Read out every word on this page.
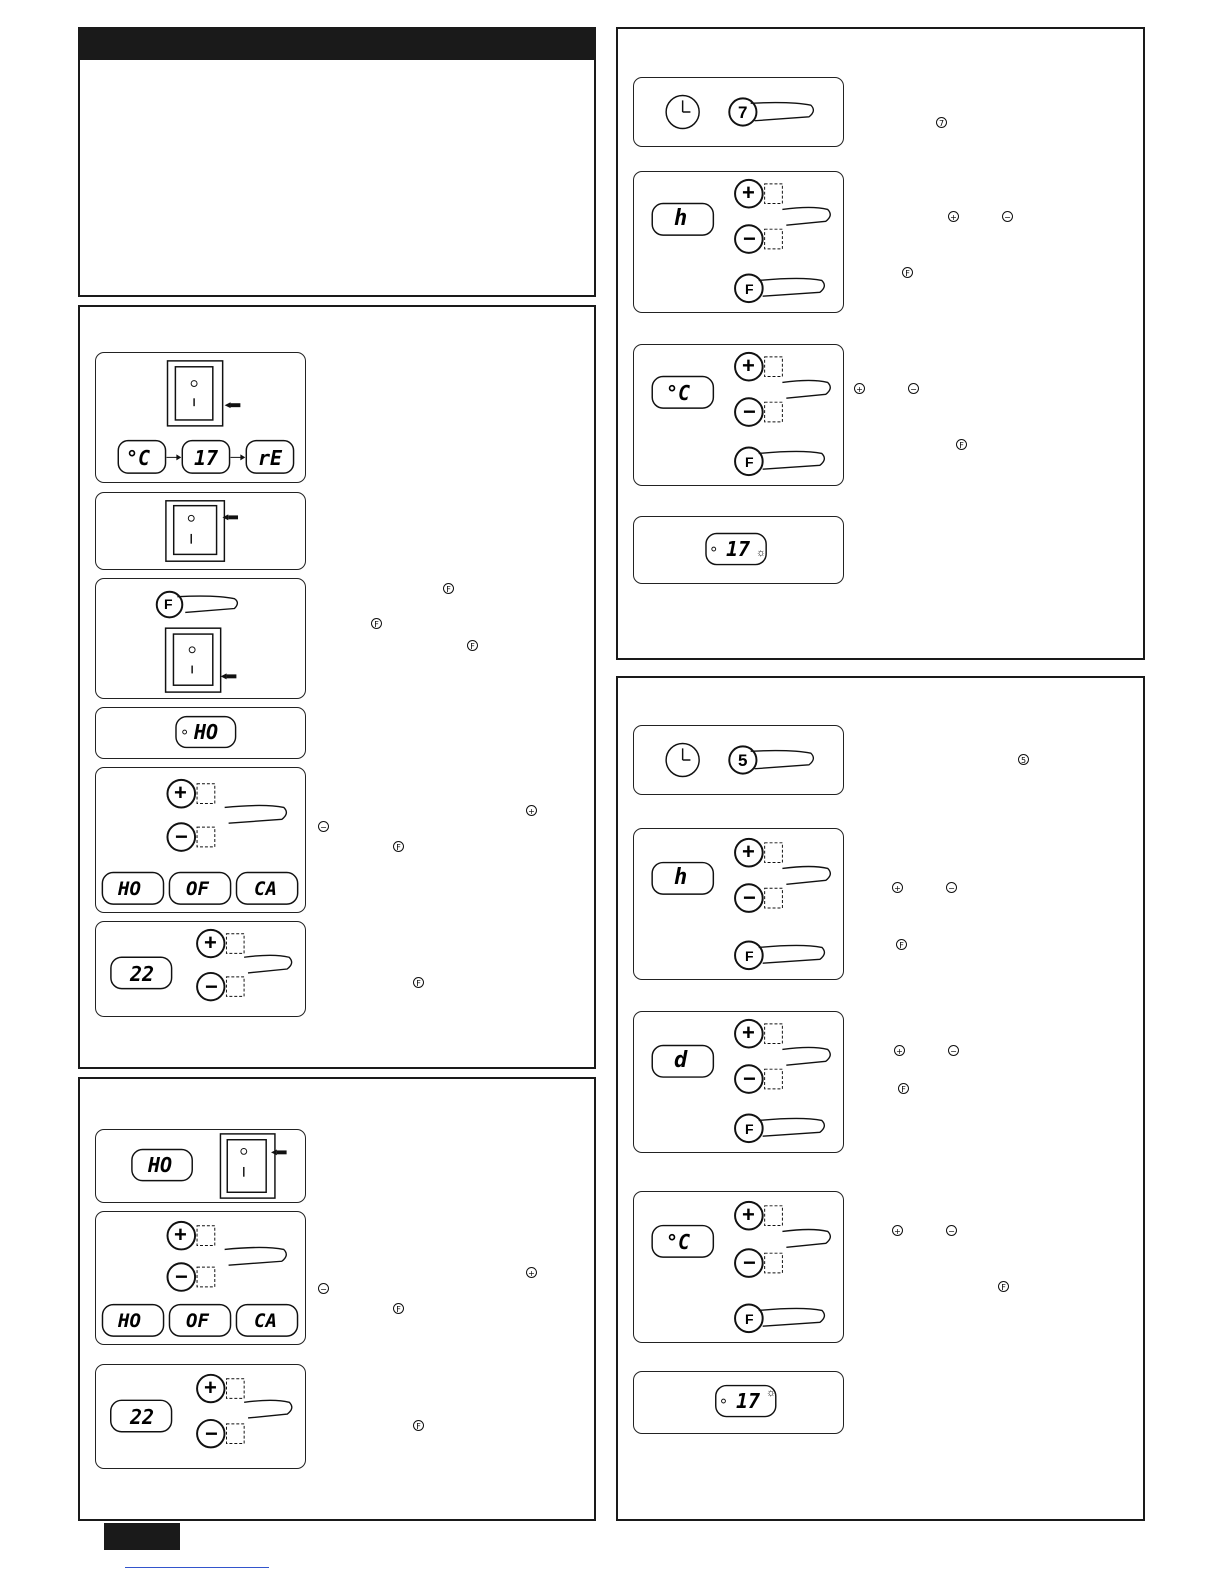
°C 17 rE
F
HO
+
−
HO OF CA
+
−
22
F
F
F
+
−
F
F
HO
+
−
HO OF CA
+
−
22
+
−
F
F
7
+
−
F
h
+
−
F
°C
17 ☼
7
+	−
F
+	−
F
5
+
−
F
h
+
−
F
d
+
−
F
°C
17 ☼
5
+	−
F
+	−
F
+	−
F
